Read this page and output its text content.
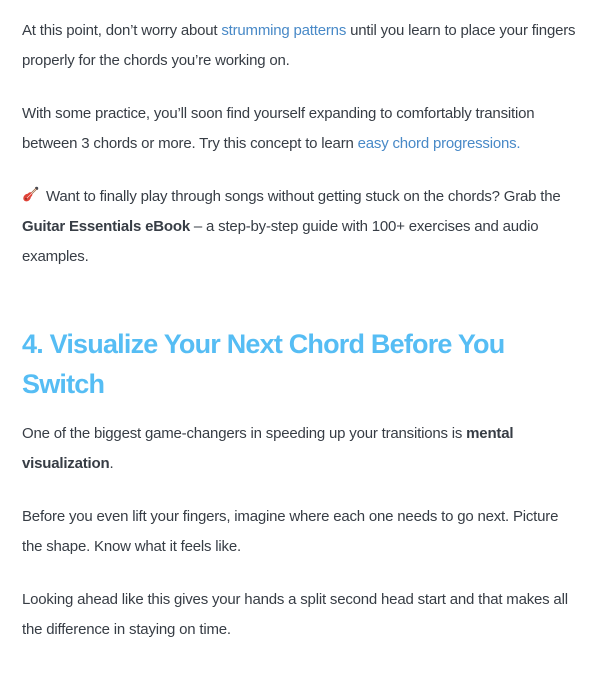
At this point, don’t worry about strumming patterns until you learn to place your fingers properly for the chords you’re working on.

With some practice, you’ll soon find yourself expanding to comfortably transition between 3 chords or more. Try this concept to learn easy chord progressions.

Want to finally play through songs without getting stuck on the chords? Grab the Guitar Essentials eBook – a step-by-step guide with 100+ exercises and audio examples.

4. Visualize Your Next Chord Before You Switch

One of the biggest game-changers in speeding up your transitions is mental visualization.

Before you even lift your fingers, imagine where each one needs to go next. Picture the shape. Know what it feels like.

Looking ahead like this gives your hands a split second head start and that makes all the difference in staying on time.
